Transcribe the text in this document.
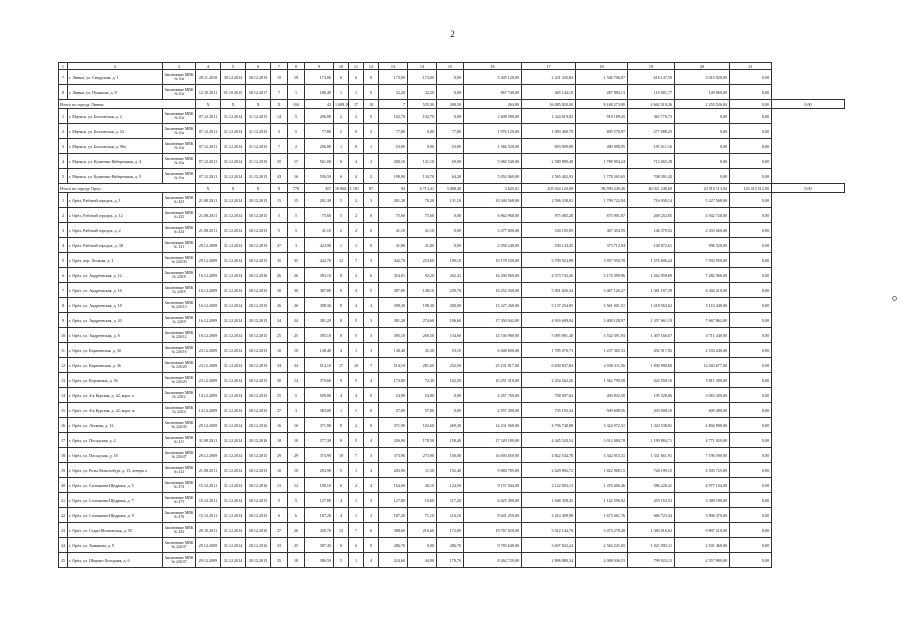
2
1	2	3	4	5	6	7	8	9	10	11	12	13	14	15	16	17	18	19	20	21	
7	г. Ливны, ул. Свердлова, д. 1	Заключение МВК № б/н	29.11.2010	30.12.2014	30.12.2015	19	19	173,00	6	6	0	173,00	173,00	0,00	5 405 120,00	2 231 345,84	1 546 706,67	616 147,59	3 010 920,00	0,00	
8	г. Ливны, ул. Пушкина, д. 8	Заключение МВК № б/н	12.10.2011	01.10.2015	30.12.2017	7	1	186,40	1	1	0	32,20	32,20	0,00	967 740,00	465 144,10	287 884,13	114 681,77	149 860,00	0,00	
Итого по городу Ливны:			X	X	X	X	104	43	1 608,10	17	10	7	535,30	268,50	264,80	16 085 820,00	8 168 273,90	2 662 019,26	2 255 526,84	0,00	0,00
1	г. Мценск, ул. Болховская, д. 2	Заключение МВК № б/н	07.12.2011	31.12.2014	31.12.2015	14	5	206,80	2	2	0	102,70	102,70	0,00	2 608 580,00	1 324 619,82	918 189,45	365 770,73	0,00	0,00	
2	г. Мценск, ул. Болховская, д. 54	Заключение МВК № б/н	07.12.2011	31.12.2014	31.12.2015	5	5	77,80	2	0	2	77,80	0,00	77,80	1 976 120,00	1 003 460,78	695 570,97	277 088,25	0,00	0,00	
3	г. Мценск, ул. Болховская, д. 98а	Заключение МВК № б/н	07.12.2011	31.12.2014	31.12.2015	7	2	206,80	1	0	1	53,80	0,00	53,80	1 366 520,00	693 909,89	480 998,95	191 611,16	0,00	0,00	
4	г. Мценск, ул. Кузнечно-Набережная, д. 4	Заключение МВК № б/н	07.12.2011	31.12.2014	31.12.2015	35	17	561,00	6	4	2	200,10	131,10	69,00	5 082 540,00	2 580 880,48	1 788 994,24	712 665,28	0,00	0,00	
5	г. Мценск, ул. Кузнечно-Набережная, д. 5	Заключение МВК № б/н	07.12.2011	31.12.2014	31.12.2015	43	16	556,50	6	4	2	198,90	134,70	64,20	5 052 060,00	2 565 402,93	1 778 265,65	708 391,42	0,00	0,00	
Итого по городу Орлу:			X	X	X	X	778	457	10 866,13	181	87	94	6 713,41	3 088,40	3 625,01	203 934 120,00	86 590 249,46	40 021 248,60	23 910 113,94	133 413 512,00	0,00
1	г. Орёл, Рабочий городок, д. 1	Заключение МВК № 423	21.08.2011	31.12.2014	30.12.2015	15	15	201,30	5	2	3	201,30	70,20	131,10	10 340 568,00	2 596 338,02	1 799 722,84	716 939,14	5 227 568,00	0,00	
2	г. Орёл, Рабочий городок, д. 12	Заключение МВК № 425	21.08.2011	31.12.2014	30.12.2015	5	5	75,60	5	2	0	75,60	75,60	0,00	6 862 968,00	975 085,28	675 901,87	269 252,85	4 942 728,00	0,00	
3	г. Орёл, Рабочий городок, д. 2	Заключение МВК № 424	21.08.2011	31.12.2014	30.12.2015	5	5	41,10	2	2	0	41,10	41,10	0,00	3 477 600,00	530 105,89	367 454,59	146 379,52	2 433 660,00	0,00	
4	г. Орёл, Рабочий городок, д. 38	Заключение МВК № 121	29.12.2008	31.12.2014	30.12.2015	47	3	423,90	1	1	0	41,80	41,80	0,00	2 058 240,00	539 134,45	373 712,94	148 872,61	996 520,00	0,00	
5	г. Орёл, пер. Лескова, д. 1	Заключение МВК № 226/30	29.12.2009	31.12.2014	30.12.2015	35	35	442,70	12	7	5	442,70	253,60	189,10	19 178 530,00	5 709 923,98	3 957 959,78	1 576 696,24	7 933 950,00	0,00	
6	г. Орёл, ул. Андреевская, д. 12	Заключение МВК № 226/8	16.12.2009	31.12.2014	30.12.2016	26	26	383,10	8	2	6	354,61	92,20	262,41	16 290 060,00	4 573 743,26	3 170 399,96	1 262 959,69	7 282 966,00	0,00	
7	г. Орёл, ул. Андреевская, д. 16	Заключение МВК № 226/9	16.12.2009	31.12.2014	30.12.2015	30	30	387,80	8	3	5	387,80	148,10	239,70	16 252 330,00	5 001 826,34	3 467 126,27	1 381 167,39	6 302 210,00	0,00	
8	г. Орёл, ул. Андреевская, д. 18	Заключение МВК № 226/13	16.12.2009	31.12.2014	30.12.2015	26	26	398,30	8	4	4	398,30	198,30	200,00	15 227 260,00	5 137 254,85	3 561 001,51	1 418 563,62	5 110 440,00	0,00	
9	г. Орёл, ул. Андреевская, д. 20	Заключение МВК № 226/9	16.12.2009	31.12.2014	30.12.2015	24	24	381,20	8	5	3	381,20	274,60	106,60	17 350 042,00	4 916 609,84	3 408 128,97	1 357 661,19	7 667 862,00	0,00	
10	г. Орёл, ул. Андреевская, д. 8	Заключение МВК № 226/12	16.12.2009	31.12.2014	30.12.2015	25	25	395,10	8	5	3	395,10	260,50	134,60	14 746 980,00	5 095 981,40	3 532 391,93	1 407 166,67	4 711 440,00	0,00	
11	г. Орёл, ул. Карачевская, д. 30	Заключение МВК № 226/16	23.12.2009	31.12.2014	30.12.2015	10	10	138,40	4	1	3	138,40	45,30	93,10	6 048 600,00	1 785 076,73	1 237 365,33	492 917,92	2 533 240,00	0,00	
12	г. Орёл, ул. Карачевская, д. 36	Заключение МВК № 226/20	23.12.2009	31.12.2014	30.12.2015	34	34	514,10	17	10	7	514,10	281,60	232,50	25 101 817,00	6 630 837,84	4 596 311,56	1 830 990,60	12 043 677,00	0,00	
13	г. Орёл, ул. Корчагина, д. 56	Заключение МВК № 226/29	23.12.2009	31.12.2014	30.12.2015	30	14	370,60	9	5	4	174,80	72,30	102,50	10 251 310,00	2 254 562,26	1 562 799,58	622 558,16	5 811 390,00	0,00	
14	г. Орёл, ул. 4-я Курская, д. 42, корп. а	Заключение МВК № 226/2	14.12.2009	31.12.2014	30.12.2015	25	5	509,80	4	4	0	54,90	54,90	0,00	4 457 760,00	708 097,64	490 832,50	195 528,86	3 063 300,00	0,00	
15	г. Орёл, ул. 4-я Курская, д. 42, корп. ж	Заключение МВК № 226/4	14.12.2009	31.12.2014	30.12.2015	27	3	383,00	1	1	0	57,00	57,00	0,00	2 057 280,00	735 183,34	509 608,56	203 008,10	609 480,00	0,00	
16	г. Орёл, ул. Лескова, д. 12	Заключение МВК № 226/49	29.12.2009	31.12.2014	30.12.2016	16	16	371,90	8	2	6	371,90	102,60	269,30	14 231 060,00	4 796 748,88	3 324 972,31	1 324 538,81	4 804 800,00	0,00	
17	г. Орёл, ул. Посадская, д. 2	Заключение МВК № 411	31.08.2011	31.12.2014	30.12.2016	10	10	377,30	9	5	4	326,90	178,50	158,40	17 329 180,00	4 345 520,54	3 012 084,78	1 199 884,71	4 771 920,00	0,00	
18	г. Орёл, ул. Посадская, д. 18	Заключение МВК № 226/47	29.12.2009	31.12.2014	30.12.2015	29	29	373,90	10	7	3	373,90	273,90	100,00	16 693 650,00	4 822 544,78	3 342 853,31	1 331 661,91	7 196 590,00	0,00	
19	г. Орёл, ул. Розы Люксембург, д. 15, литера а	Заключение МВК № 412	21.08.2011	31.12.2014	30.12.2015	10	10	203,90	5	1	4	203,90	11,50	192,40	9 684 785,00	2 629 892,72	1 822 968,15	726 199,15	4 505 725,00	0,00	
20	г. Орёл, ул. Салтыкова-Щедрина, д. 5	Заключение МВК № 474	15.12.2011	31.12.2014	30.12.2016	13	12	190,10	6	2	4	164,60	40,10	124,50	9 157 944,00	2 122 003,13	1 470 606,46	586 226,41	4 977 104,00	0,00	
21	г. Орёл, ул. Салтыкова-Щедрина, д. 7	Заключение МВК № 475	15.12.2011	31.12.2014	30.12.2015	5	5	127,80	4	1	3	127,80	10,60	117,20	6 625 390,00	1 648 358,45	1 142 596,02	455 163,53	3 389 180,00	0,00	
22	г. Орёл, ул. Салтыкова-Щедрина, д. 9	Заключение МВК № 476	15.12.2011	31.12.2014	30.12.2015	6	6	187,20	4	1	3	187,20	71,10	116,10	8 641 250,00	2 414 498,98	1 673 661,76	666 723,34	3 906 370,00	0,00	
23	г. Орёл, ул. Старо-Московская, д. 55	Заключение МВК № 442	28.10.2011	31.12.2014	30.12.2016	27	26	439,70	13	7	6	388,60	216,60	172,00	19 767 650,00	5 012 144,70	3 474 278,48	1 384 016,62	9 897 210,00	0,00	
24	г. Орёл, ул. Хомякова, д. 9	Заключение МВК № 226/47	29.12.2009	31.12.2014	30.12.2016	33	25	387,45	6	6	0	286,70	0,00	286,70	9 783 640,00	3 697 843,24	2 563 241,65	1 021 095,11	2 501 460,00	0,00	
25	г. Орёл, ул. Широко-Холодная, д. 6	Заключение МВК № 226/37	29.12.2009	31.12.2014	30.12.2015	35	18	386,50	5	1	4	224,60	44,90	179,70	8 262 720,00	2 896 880,34	2 008 036,53	799 923,13	2 557 880,00	0,00	
